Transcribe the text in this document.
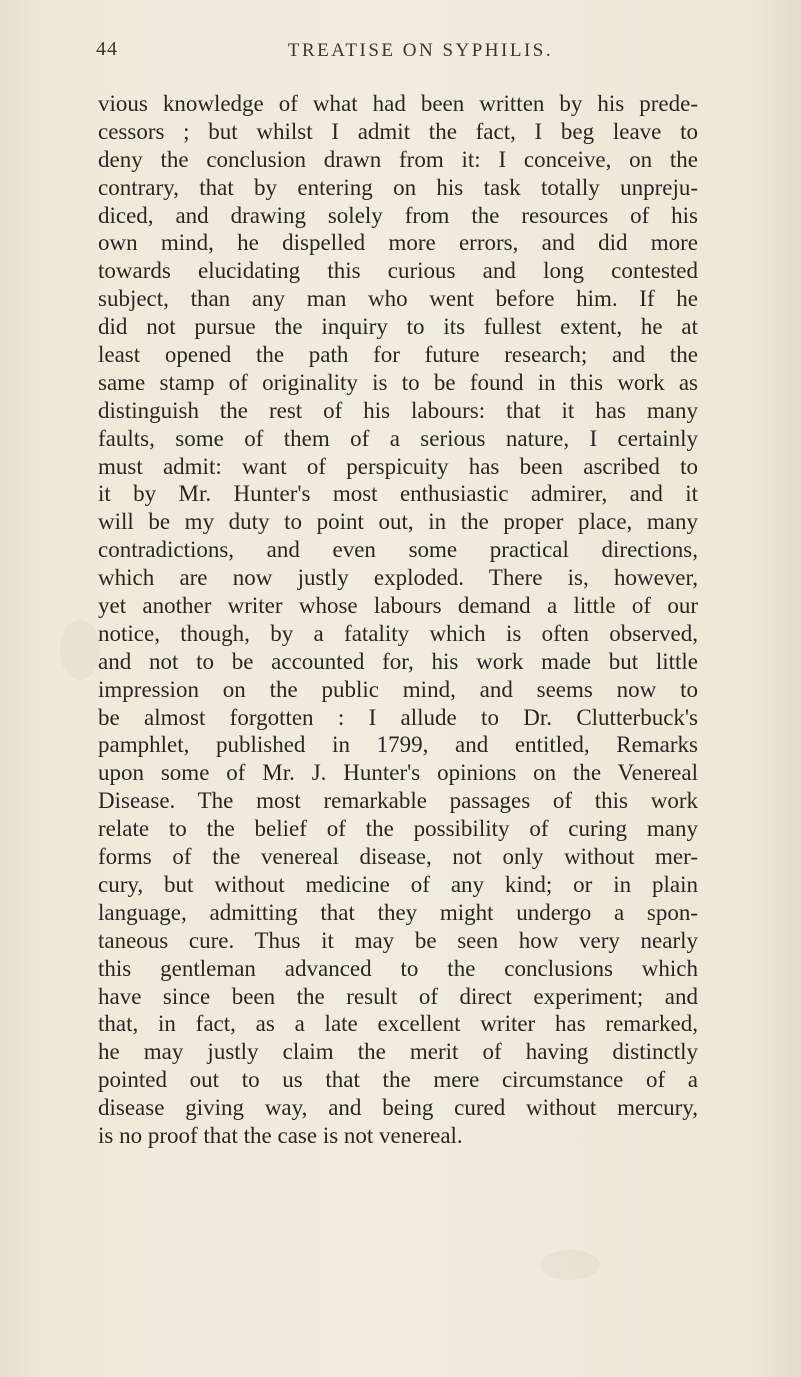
44	TREATISE ON SYPHILIS.
vious knowledge of what had been written by his prede-
cessors ; but whilst I admit the fact, I beg leave to
deny the conclusion drawn from it: I conceive, on the
contrary, that by entering on his task totally unpreju-
diced, and drawing solely from the resources of his
own mind, he dispelled more errors, and did more
towards elucidating this curious and long contested
subject, than any man who went before him. If he
did not pursue the inquiry to its fullest extent, he at
least opened the path for future research; and the
same stamp of originality is to be found in this work as
distinguish the rest of his labours: that it has many
faults, some of them of a serious nature, I certainly
must admit: want of perspicuity has been ascribed to
it by Mr. Hunter's most enthusiastic admirer, and it
will be my duty to point out, in the proper place, many
contradictions, and even some practical directions,
which are now justly exploded. There is, however,
yet another writer whose labours demand a little of our
notice, though, by a fatality which is often observed,
and not to be accounted for, his work made but little
impression on the public mind, and seems now to
be almost forgotten : I allude to Dr. Clutterbuck's
pamphlet, published in 1799, and entitled, Remarks
upon some of Mr. J. Hunter's opinions on the Venereal
Disease. The most remarkable passages of this work
relate to the belief of the possibility of curing many
forms of the venereal disease, not only without mer-
cury, but without medicine of any kind; or in plain
language, admitting that they might undergo a spon-
taneous cure. Thus it may be seen how very nearly
this gentleman advanced to the conclusions which
have since been the result of direct experiment; and
that, in fact, as a late excellent writer has remarked,
he may justly claim the merit of having distinctly
pointed out to us that the mere circumstance of a
disease giving way, and being cured without mercury,
is no proof that the case is not venereal.
